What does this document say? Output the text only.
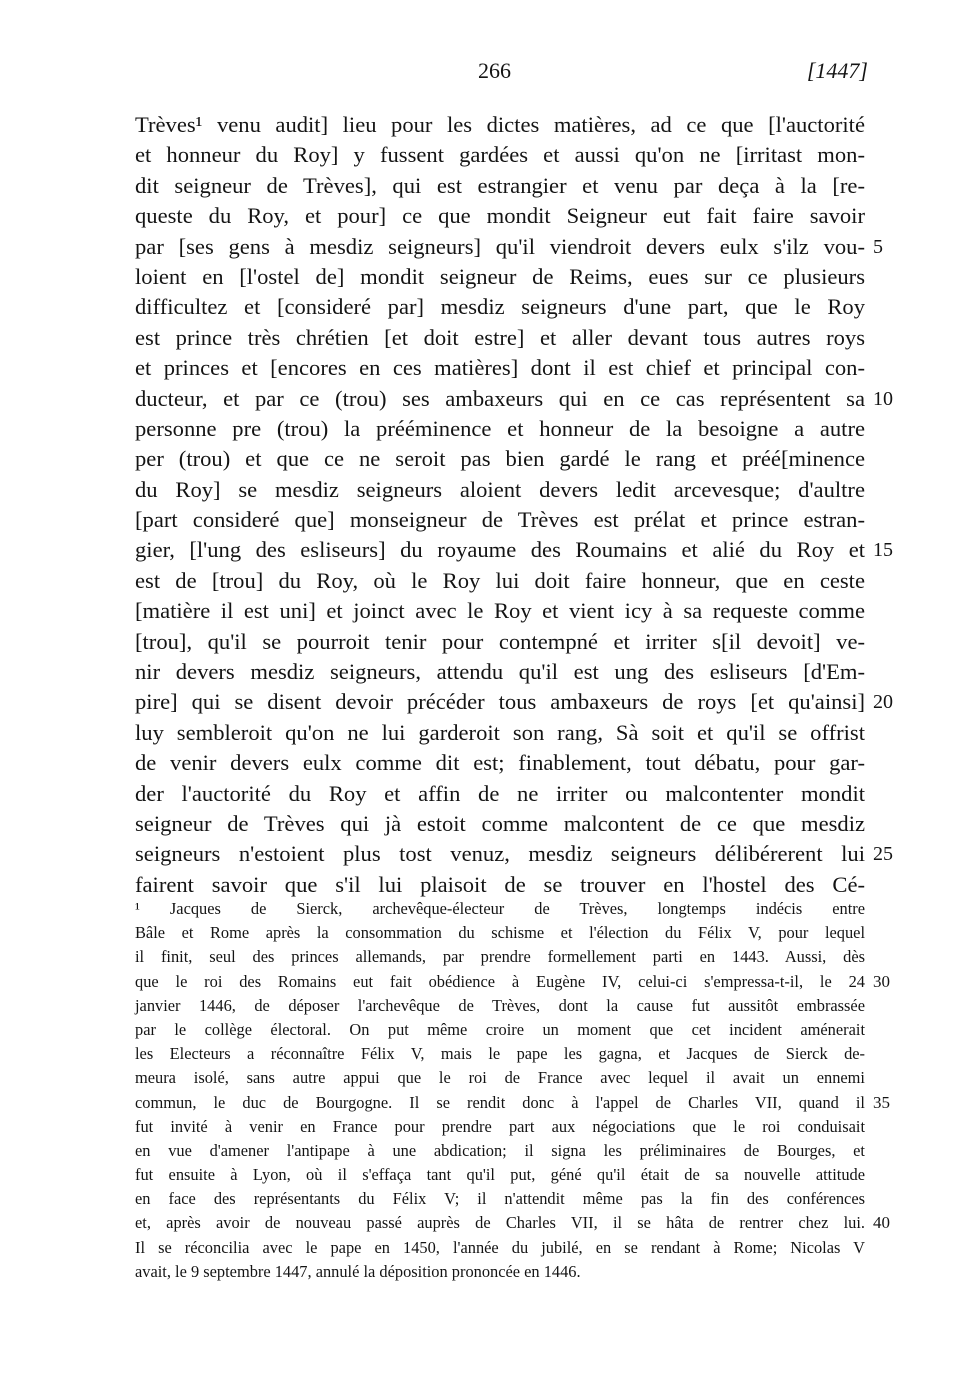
266	[1447]
Trèves¹ venu audit] lieu pour les dictes matières, ad ce que [l'auctorité
et honneur du Roy] y fussent gardées et aussi qu'on ne [irritast mon-
dit seigneur de Trèves], qui est estrangier et venu par deça à la [re-
queste du Roy, et pour] ce que mondit Seigneur eut fait faire savoir
par [ses gens à mesdiz seigneurs] qu'il viendroit devers eulx s'ilz vou- 5
loient en [l'ostel de] mondit seigneur de Reims, eues sur ce plusieurs
difficultez et [consideré par] mesdiz seigneurs d'une part, que le Roy
est prince très chrétien [et doit estre] et aller devant tous autres roys
et princes et [encores en ces matières] dont il est chief et principal con-
ducteur, et par ce (trou) ses ambaxeurs qui en ce cas représentent sa 10
personne pre (trou) la prééminence et honneur de la besoigne a autre
per (trou) et que ce ne seroit pas bien gardé le rang et préé[minence
du Roy] se mesdiz seigneurs aloient devers ledit arcevesque; d'aultre
[part consideré que] monseigneur de Trèves est prélat et prince estran-
gier, [l'ung des esliseurs] du royaume des Roumains et alié du Roy et 15
est de [trou] du Roy, où le Roy lui doit faire honneur, que en ceste
[matière il est uni] et joinct avec le Roy et vient icy à sa requeste comme
[trou], qu'il se pourroit tenir pour contempné et irriter s[il devoit] ve-
nir devers mesdiz seigneurs, attendu qu'il est ung des esliseurs [d'Em-
pire] qui se disent devoir précéder tous ambaxeurs de roys [et qu'ainsi] 20
luy sembleroit qu'on ne lui garderoit son rang, Sà soit et qu'il se offrist
de venir devers eulx comme dit est; finablement, tout débatu, pour gar-
der l'auctorité du Roy et affin de ne irriter ou malcontenter mondit
seigneur de Trèves qui jà estoit comme malcontent de ce que mesdiz
seigneurs n'estoient plus tost venuz, mesdiz seigneurs délibérerent lui 25
fairent savoir que s'il lui plaisoit de se trouver en l'hostel des Cé-
¹ Jacques de Sierck, archevêque-électeur de Trèves, longtemps indécis entre
Bâle et Rome après la consommation du schisme et l'élection du Félix V, pour lequel
il finit, seul des princes allemands, par prendre formellement parti en 1443. Aussi, dès
que le roi des Romains eut fait obédience à Eugène IV, celui-ci s'empressa-t-il, le 24 30
janvier 1446, de déposer l'archevêque de Trèves, dont la cause fut aussitôt embrassée
par le collège électoral. On put même croire un moment que cet incident aménerait
les Electeurs a réconnaître Félix V, mais le pape les gagna, et Jacques de Sierck de-
meura isolé, sans autre appui que le roi de France avec lequel il avait un ennemi
commun, le duc de Bourgogne. Il se rendit donc à l'appel de Charles VII, quand il 35
fut invité à venir en France pour prendre part aux négociations que le roi conduisait
en vue d'amener l'antipape à une abdication; il signa les préliminaires de Bourges, et
fut ensuite à Lyon, où il s'effaça tant qu'il put, géné qu'il était de sa nouvelle attitude
en face des représentants du Félix V; il n'attendit même pas la fin des conférences
et, après avoir de nouveau passé auprès de Charles VII, il se hâta de rentrer chez lui. 40
Il se réconcilia avec le pape en 1450, l'année du jubilé, en se rendant à Rome; Nicolas V
avait, le 9 septembre 1447, annulé la déposition prononcée en 1446.
